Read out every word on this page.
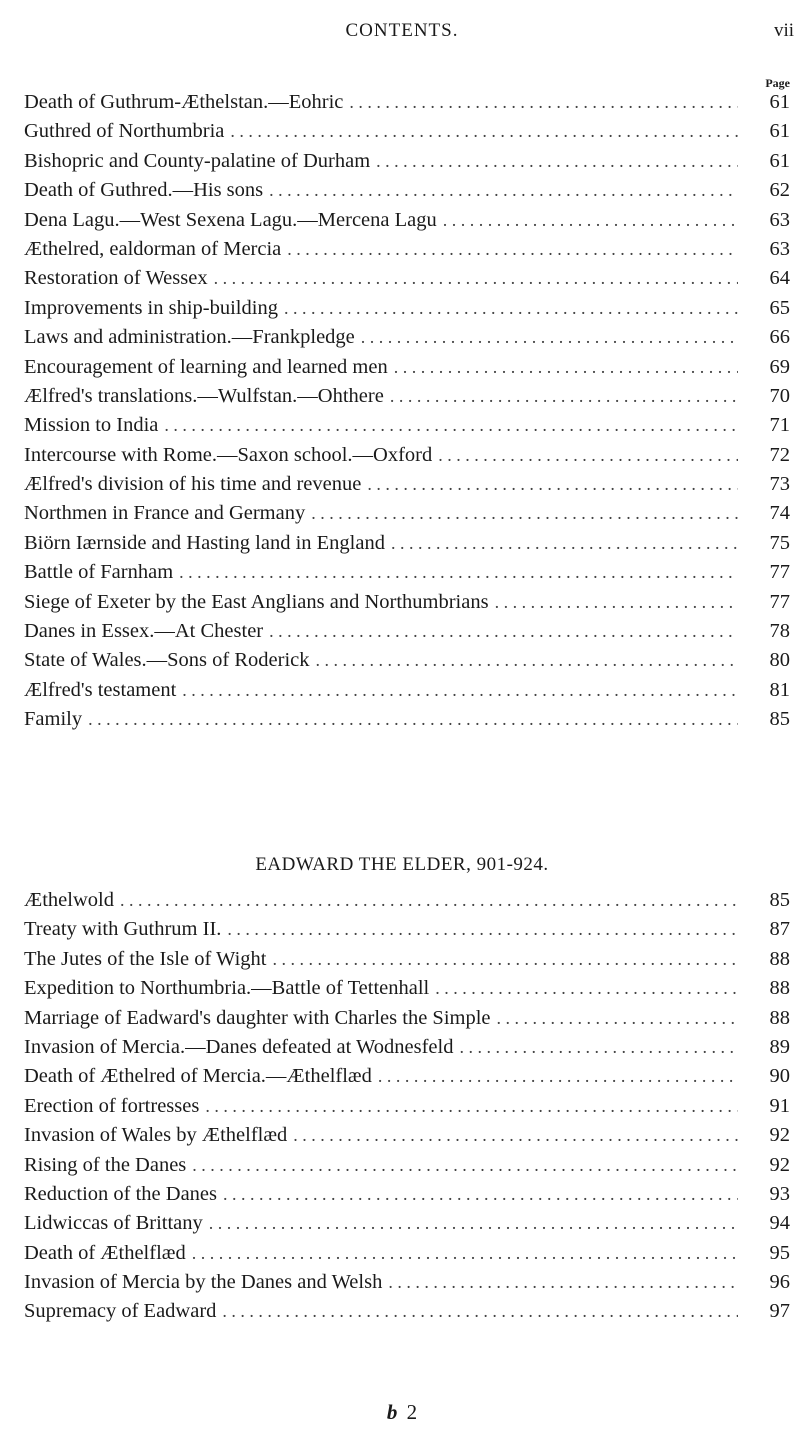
CONTENTS.	vii
Page
Death of Guthrum-Æthelstan.—Eohric . . .	61
Guthred of Northumbria . . .	61
Bishopric and County-palatine of Durham . . .	61
Death of Guthred.—His sons . . .	62
Dena Lagu.—West Sexena Lagu.—Mercena Lagu . . .	63
Æthelred, ealdorman of Mercia . . .	63
Restoration of Wessex . . .	64
Improvements in ship-building . . .	65
Laws and administration.—Frankpledge . . .	66
Encouragement of learning and learned men . . .	69
Ælfred's translations.—Wulfstan.—Ohthere . . .	70
Mission to India . . .	71
Intercourse with Rome.—Saxon school.—Oxford . . .	72
Ælfred's division of his time and revenue . . .	73
Northmen in France and Germany . . .	74
Biörn Iærnside and Hasting land in England . . .	75
Battle of Farnham . . .	77
Siege of Exeter by the East Anglians and Northumbrians . . .	77
Danes in Essex.—At Chester . . .	78
State of Wales.—Sons of Roderick . . .	80
Ælfred's testament . . .	81
Family . . .	85
EADWARD THE ELDER, 901-924.
Æthelwold . . .	85
Treaty with Guthrum II. . . .	87
The Jutes of the Isle of Wight . . .	88
Expedition to Northumbria.—Battle of Tettenhall . . .	88
Marriage of Eadward's daughter with Charles the Simple . . .	88
Invasion of Mercia.—Danes defeated at Wodnesfeld . . .	89
Death of Æthelred of Mercia.—Æthelflæd . . .	90
Erection of fortresses . . .	91
Invasion of Wales by Æthelflæd . . .	92
Rising of the Danes . . .	92
Reduction of the Danes . . .	93
Lidwiccas of Brittany . . .	94
Death of Æthelflæd . . .	95
Invasion of Mercia by the Danes and Welsh . . .	96
Supremacy of Eadward . . .	97
b 2
